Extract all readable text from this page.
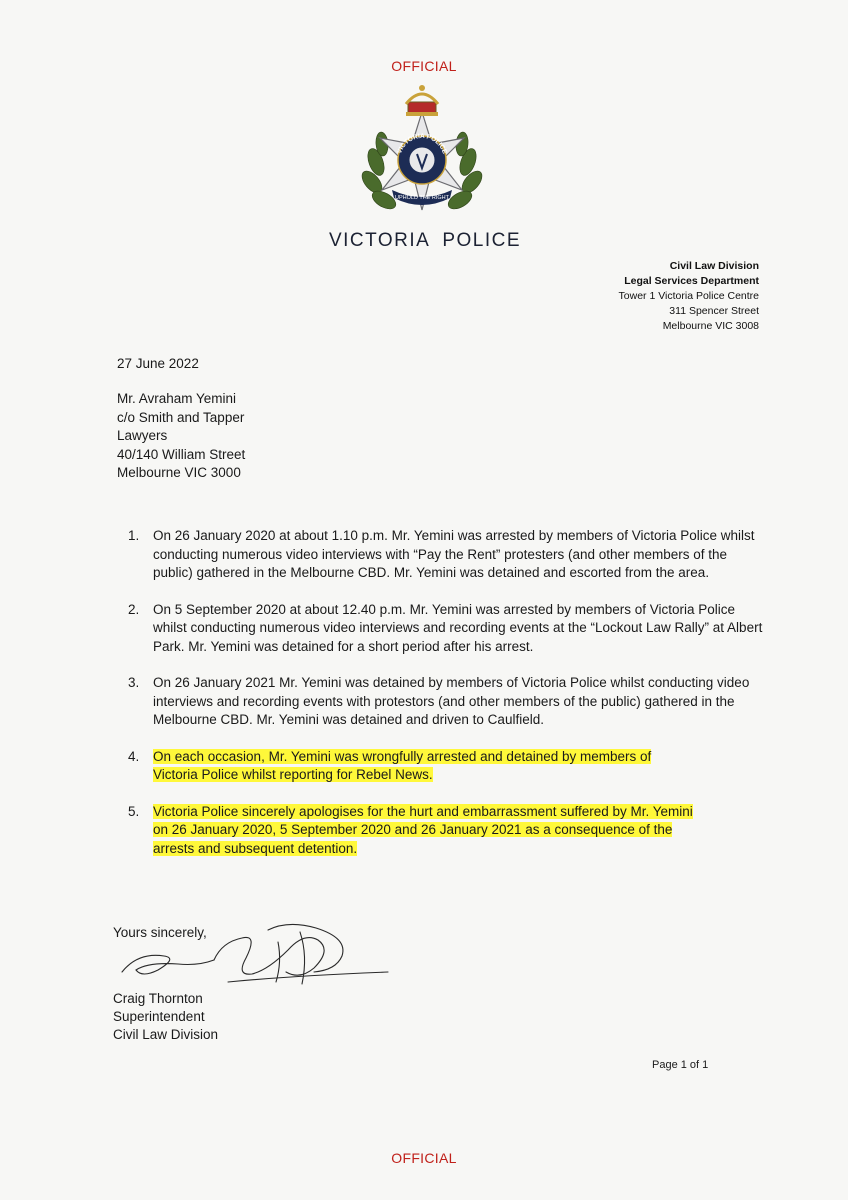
OFFICIAL
VICTORIA POLICE
UPHOLD THE RIGHT
VICTORIA POLICE
Civil Law Division
Legal Services Department
Tower 1 Victoria Police Centre
311 Spencer Street
Melbourne VIC 3008
27 June 2022
Mr. Avraham Yemini
c/o Smith and Tapper
Lawyers
40/140 William Street
Melbourne VIC 3000
1. On 26 January 2020 at about 1.10 p.m. Mr. Yemini was arrested by members of Victoria Police whilst conducting numerous video interviews with “Pay the Rent” protesters (and other members of the public) gathered in the Melbourne CBD. Mr. Yemini was detained and escorted from the area.
2. On 5 September 2020 at about 12.40 p.m. Mr. Yemini was arrested by members of Victoria Police whilst conducting numerous video interviews and recording events at the “Lockout Law Rally” at Albert Park. Mr. Yemini was detained for a short period after his arrest.
3. On 26 January 2021 Mr. Yemini was detained by members of Victoria Police whilst conducting video interviews and recording events with protestors (and other members of the public) gathered in the Melbourne CBD. Mr. Yemini was detained and driven to Caulfield.
4. On each occasion, Mr. Yemini was wrongfully arrested and detained by members of
Victoria Police whilst reporting for Rebel News.
5. Victoria Police sincerely apologises for the hurt and embarrassment suffered by Mr. Yemini
on 26 January 2020, 5 September 2020 and 26 January 2021 as a consequence of the
arrests and subsequent detention.
Yours sincerely,
Craig Thornton
Superintendent
Civil Law Division
Page 1 of 1
OFFICIAL
